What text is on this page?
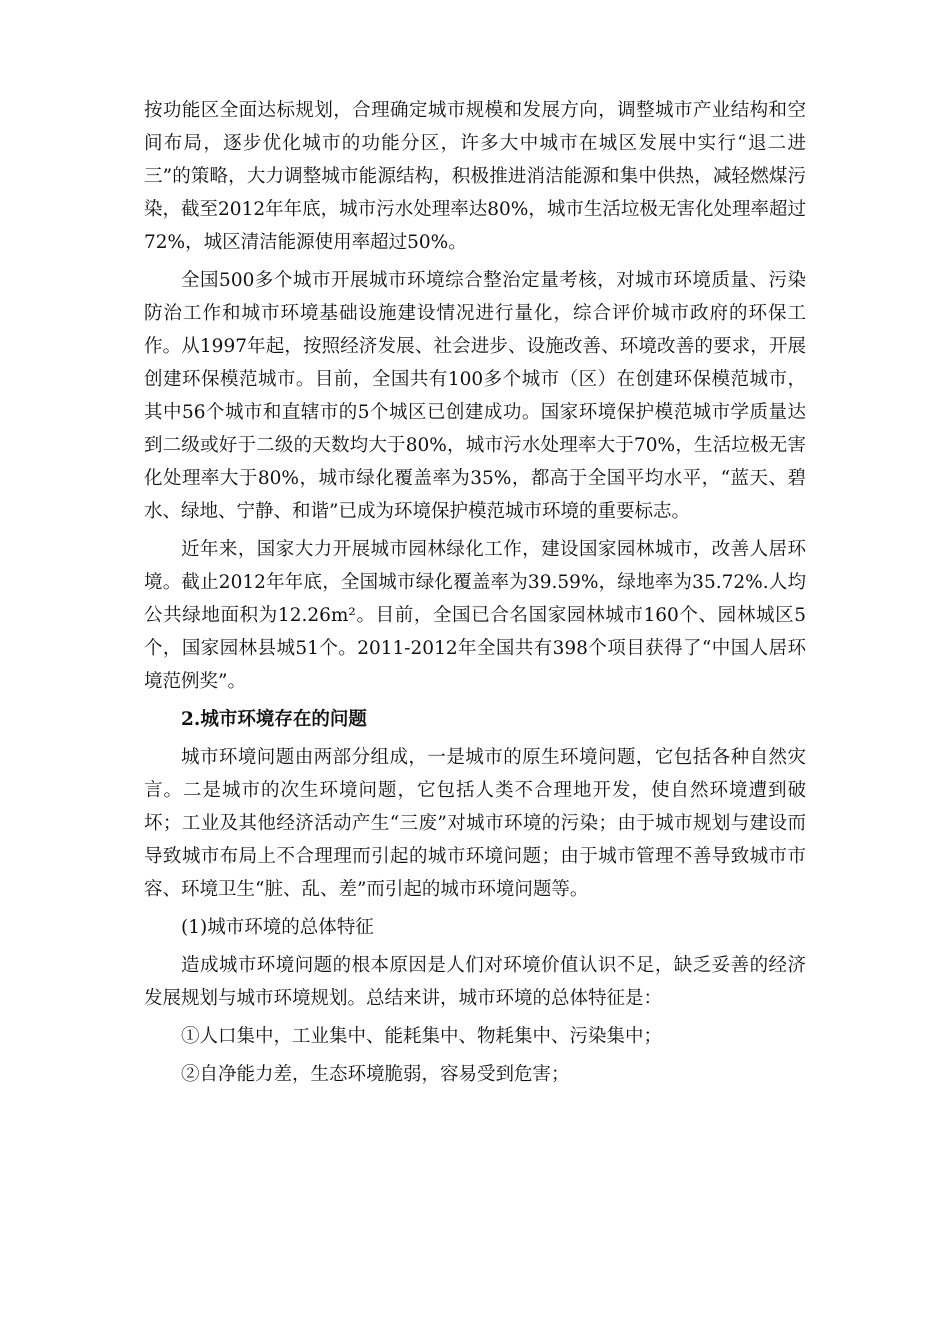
按功能区全面达标规划，合理确定城市规模和发展方向，调整城市产业结构和空间布局，逐步优化城市的功能分区，许多大中城市在城区发展中实行“退二进三”的策略，大力调整城市能源结构，积极推进消洁能源和集中供热，减轻燃煤污染，截至2012年年底，城市污水处理率达80%，城市生活垃极无害化处理率超过72%，城区清洁能源使用率超过50%。

全国500多个城市开展城市环境综合整治定量考核，对城市环境质量、污染防治工作和城市环境基础设施建设情况进行量化，综合评价城市政府的环保工作。从1997年起，按照经济发展、社会进步、设施改善、环境改善的要求，开展创建环保模范城市。目前，全国共有100多个城市（区）在创建环保模范城市，其中56个城市和直辖市的5个城区已创建成功。国家环境保护模范城市学质量达到二级或好于二级的天数均大于80%，城市污水处理率大于70%，生活垃极无害化处理率大于80%，城市绿化覆盖率为35%，都高于全国平均水平，“蓝天、碧水、绿地、宁静、和谐”已成为环境保护模范城市环境的重要标志。

近年来，国家大力开展城市园林绿化工作，建设国家园林城市，改善人居环境。截止2012年年底，全国城市绿化覆盖率为39.59%，绿地率为35.72%.人均公共绿地面积为12.26m²。目前，全国已合名国家园林城市160个、园林城区5个，国家园林县城51个。2011-2012年全国共有398个项目获得了“中国人居环境范例奖”。

2.城市环境存在的问题

城市环境问题由两部分组成，一是城市的原生环境问题，它包括各种自然灾言。二是城市的次生环境问题，它包括人类不合理地开发，使自然环境遭到破坏；工业及其他经济活动产生“三废”对城市环境的污染；由于城市规划与建设而导致城市布局上不合理理而引起的城市环境问题；由于城市管理不善导致城市市容、环境卫生“脏、乱、差”而引起的城市环境问题等。

(1)城市环境的总体特征

造成城市环境问题的根本原因是人们对环境价值认识不足，缺乏妥善的经济发展规划与城市环境规划。总结来讲，城市环境的总体特征是：

①人口集中，工业集中、能耗集中、物耗集中、污染集中；

②自净能力差，生态环境脆弱，容易受到危害；
